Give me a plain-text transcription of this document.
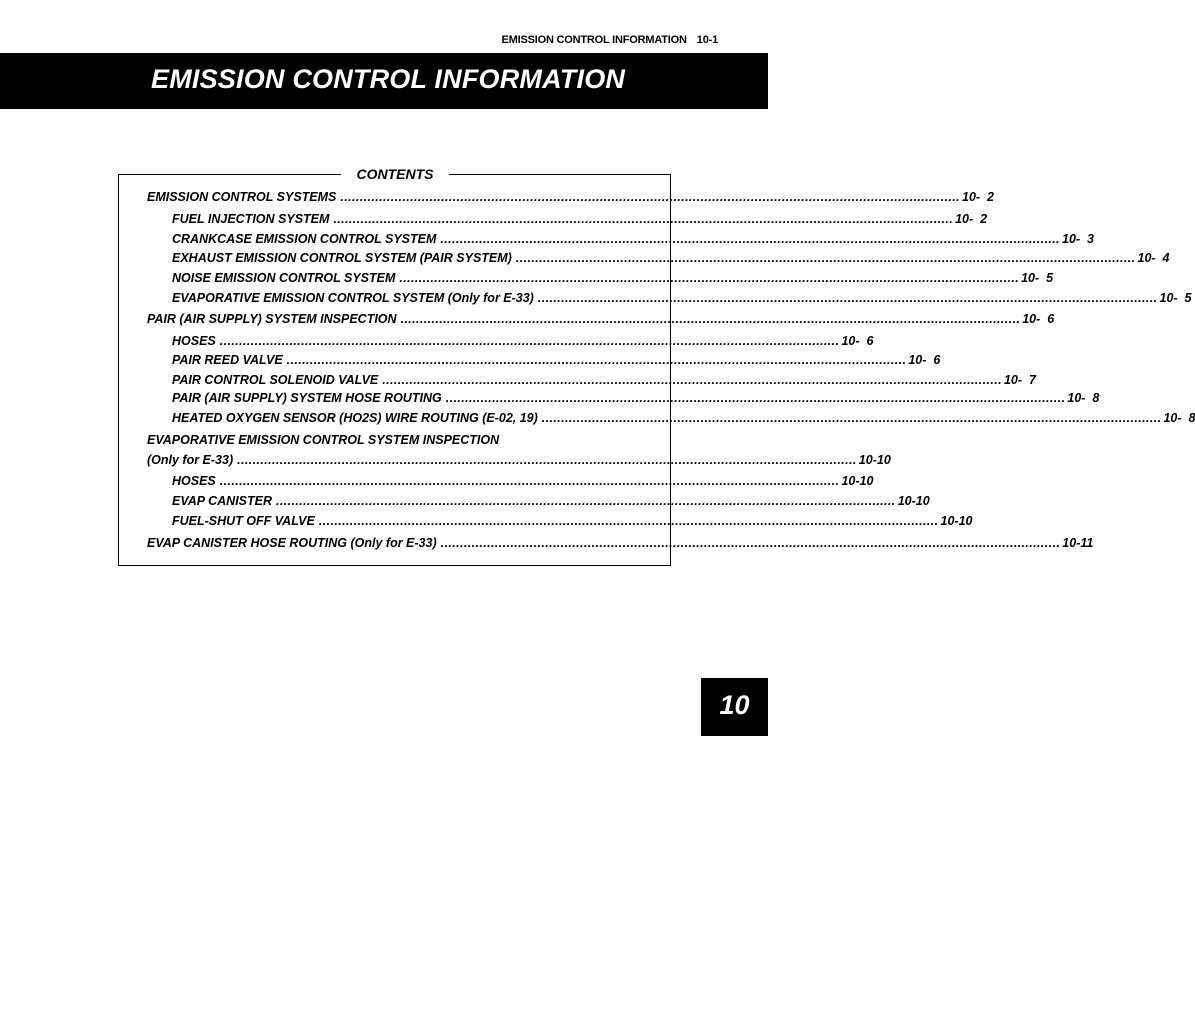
EMISSION CONTROL INFORMATION 10-1
EMISSION CONTROL INFORMATION
CONTENTS
EMISSION CONTROL SYSTEMS ................................................................................................................................................................ 10-  2
FUEL INJECTION SYSTEM ................................................................................................................................................................ 10-  2
CRANKCASE EMISSION CONTROL SYSTEM ................................................................................................................................................................ 10-  3
EXHAUST EMISSION CONTROL SYSTEM (PAIR SYSTEM) ................................................................................................................................................................ 10-  4
NOISE EMISSION CONTROL SYSTEM ................................................................................................................................................................ 10-  5
EVAPORATIVE EMISSION CONTROL SYSTEM (Only for E-33) ................................................................................................................................................................ 10-  5
PAIR (AIR SUPPLY) SYSTEM INSPECTION ................................................................................................................................................................ 10-  6
HOSES ................................................................................................................................................................ 10-  6
PAIR REED VALVE ................................................................................................................................................................ 10-  6
PAIR CONTROL SOLENOID VALVE ................................................................................................................................................................ 10-  7
PAIR (AIR SUPPLY) SYSTEM HOSE ROUTING ................................................................................................................................................................ 10-  8
HEATED OXYGEN SENSOR (HO2S) WIRE ROUTING (E-02, 19) ................................................................................................................................................................ 10-  8
EVAPORATIVE EMISSION CONTROL SYSTEM INSPECTION
(Only for E-33) ................................................................................................................................................................ 10-10
HOSES ................................................................................................................................................................ 10-10
EVAP CANISTER ................................................................................................................................................................ 10-10
FUEL-SHUT OFF VALVE ................................................................................................................................................................ 10-10
EVAP CANISTER HOSE ROUTING (Only for E-33) ................................................................................................................................................................ 10-11
10
